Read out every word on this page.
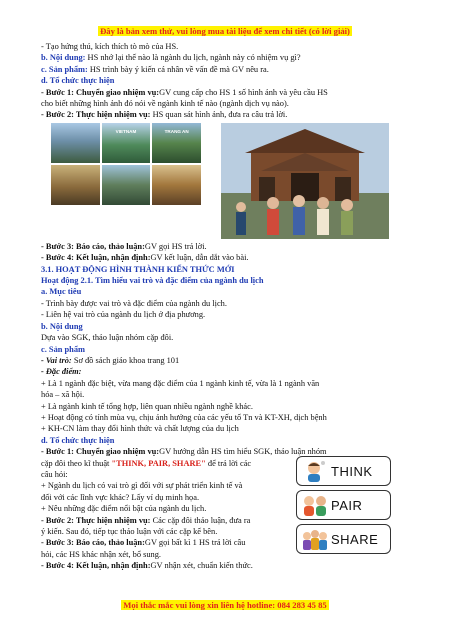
Đây là bản xem thử, vui lòng mua tài liệu để xem chi tiết (có lời giải)

- Tạo hứng thú, kích thích tò mò của HS.

b. Nội dung: HS nhớ lại thế nào là ngành du lịch, ngành này có nhiệm vụ gì?

c. Sản phẩm: HS trình bày ý kiến cá nhân về vấn đề mà GV nêu ra.

d. Tổ chức thực hiện

- Bước 1: Chuyển giao nhiệm vụ:GV cung cấp cho HS 1 số hình ảnh và yêu cầu HS

cho biết những hình ảnh đó nói về ngành kinh tế nào (ngành dịch vụ nào).

- Bước 2: Thực hiện nhiệm vụ: HS quan sát hình ảnh, đưa ra câu trả lời.

VIETNAM	TRANG AN

- Bước 3: Báo cáo, thảo luận:GV gọi HS trả lời.

- Bước 4: Kết luận, nhận định:GV kết luận, dẫn dắt vào bài.

3.1. HOẠT ĐỘNG HÌNH THÀNH KIẾN THỨC MỚI

Hoạt động 2.1. Tìm hiểu vai trò và đặc điểm của ngành du lịch

a. Mục tiêu

- Trình bày được vai trò và đặc điểm của ngành du lịch.

- Liên hệ vai trò của ngành du lịch ở địa phương.

b. Nội dung

Dựa vào SGK, thảo luận nhóm cặp đôi.

c. Sản phẩm

- Vai trò: Sơ đồ sách giáo khoa trang 101

- Đặc điểm:

+ Là 1 ngành đặc biệt, vừa mang đặc điểm của 1 ngành kinh tế, vừa là 1 ngành văn

hóa – xã hội.

+ Là ngành kinh tế tổng hợp, liên quan nhiều ngành nghề khác.

+ Hoạt động có tính mùa vụ, chịu ảnh hưởng của các yếu tố Tn và KT-XH, dịch bệnh

+ KH-CN làm thay đổi hình thức và chất lượng của du lịch

d. Tổ chức thực hiện

- Bước 1: Chuyển giao nhiệm vụ:GV hướng dẫn HS tìm hiểu SGK, thảo luận nhóm

cặp đôi theo kĩ thuật "THINK, PAIR, SHARE" để trả lời các

câu hỏi:

+ Ngành du lịch có vai trò gì đối với sự phát triển kinh tế và

đối với các lĩnh vực khác? Lấy ví dụ minh họa.

+ Nêu những đặc điểm nổi bật của ngành du lịch.

- Bước 2: Thực hiện nhiệm vụ: Các cặp đôi thảo luận, đưa ra

ý kiến. Sau đó, tiếp tục thảo luận với các cặp kế bên.

- Bước 3: Báo cáo, thảo luận:GV gọi bất kì 1 HS trả lời câu

hỏi, các HS khác nhận xét, bổ sung.

- Bước 4: Kết luận, nhận định:GV nhận xét, chuẩn kiến thức.

THINK
PAIR
SHARE
Mọi thắc mắc vui lòng xin liên hệ hotline: 084 283 45 85
